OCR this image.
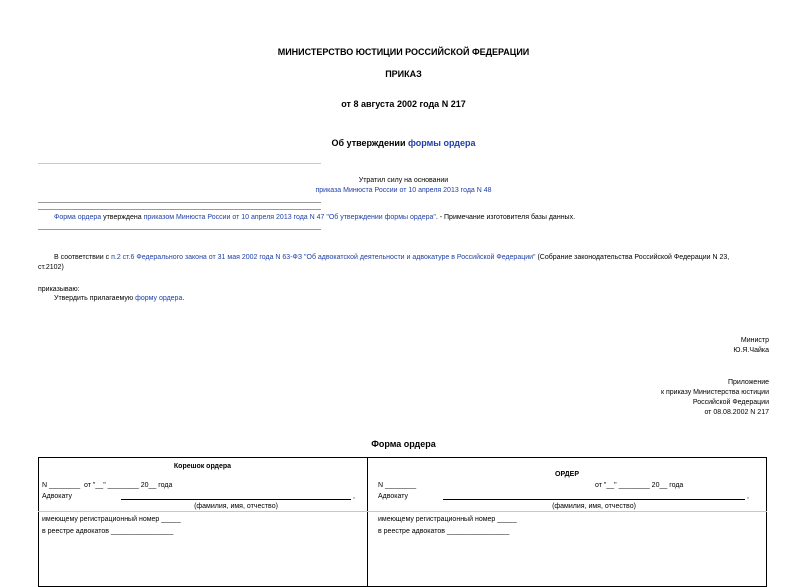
МИНИСТЕРСТВО ЮСТИЦИИ РОССИЙСКОЙ ФЕДЕРАЦИИ
ПРИКАЗ
от 8 августа 2002 года N 217
Об утверждении формы ордера
Утратил силу на основании
приказа Минюста России от 10 апреля 2013 года N 48
Форма ордера утверждена приказом Минюста России от 10 апреля 2013 года N 47 "Об утверждении формы ордера". - Примечание изготовителя базы данных.
В соответствии с п.2 ст.6 Федерального закона от 31 мая 2002 года N 63-ФЗ "Об адвокатской деятельности и адвокатуре в Российской Федерации" (Собрание законодательства Российской Федерации N 23,
ст.2102)
приказываю:
Утвердить прилагаемую форму ордера.
Министр
Ю.Я.Чайка
Приложение
к приказу Министерства юстиции
Российской Федерации
от 08.08.2002 N 217
Форма ордера
Корешок ордера
N ________  от "__" ________ 20__ года
Адвокату	,
(фамилия, имя, отчество)
имеющему регистрационный номер _____
в реестре адвокатов ________________
ОРДЕР
N ________	от "__" ________ 20__ года
Адвокату	,
(фамилия, имя, отчество)
имеющему регистрационный номер _____
в реестре адвокатов ________________
